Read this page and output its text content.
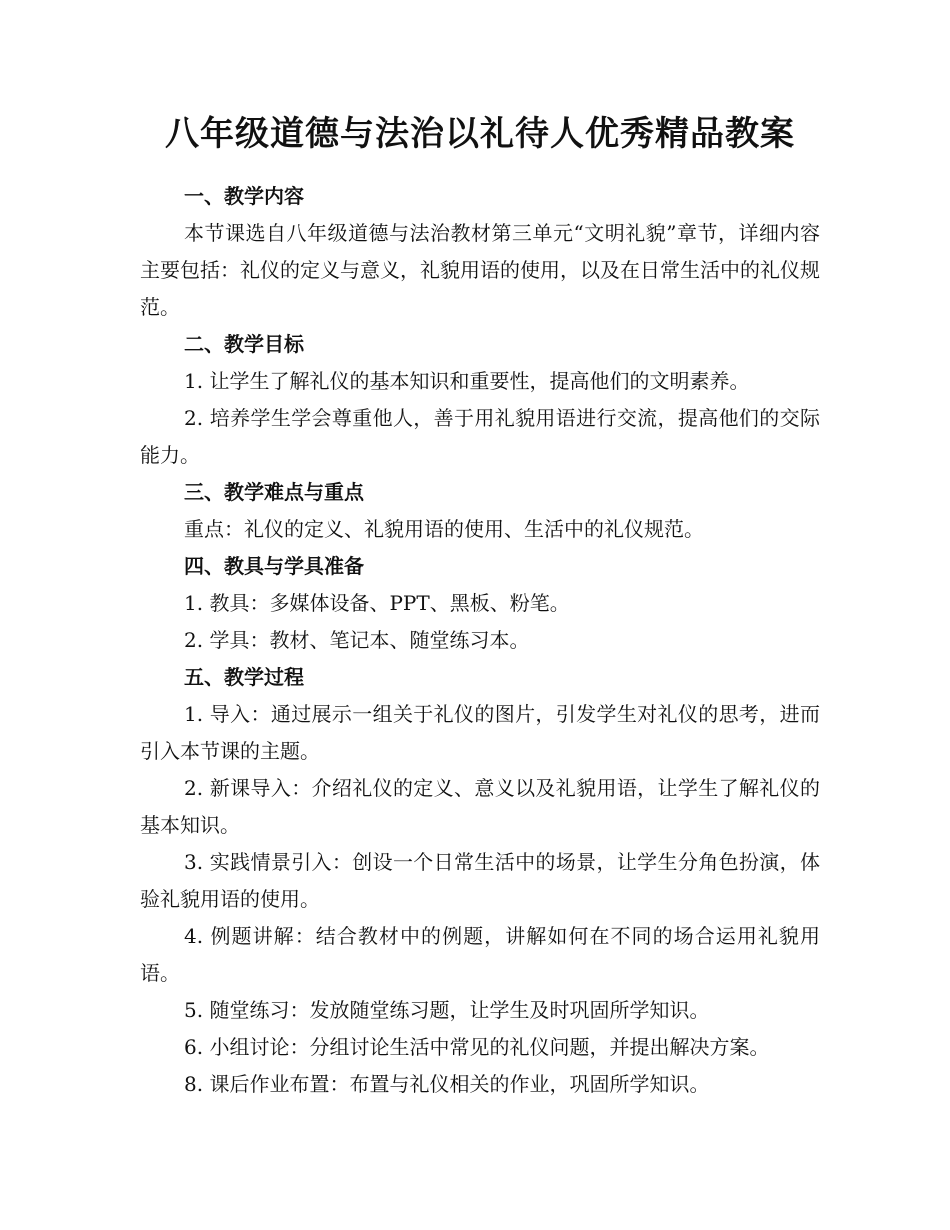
八年级道德与法治以礼待人优秀精品教案

一、教学内容

本节课选自八年级道德与法治教材第三单元“文明礼貌”章节，详细内容主要包括：礼仪的定义与意义，礼貌用语的使用，以及在日常生活中的礼仪规范。

二、教学目标

1. 让学生了解礼仪的基本知识和重要性，提高他们的文明素养。

2. 培养学生学会尊重他人，善于用礼貌用语进行交流，提高他们的交际能力。

三、教学难点与重点

重点：礼仪的定义、礼貌用语的使用、生活中的礼仪规范。

四、教具与学具准备

1. 教具：多媒体设备、PPT、黑板、粉笔。

2. 学具：教材、笔记本、随堂练习本。

五、教学过程

1. 导入：通过展示一组关于礼仪的图片，引发学生对礼仪的思考，进而引入本节课的主题。

2. 新课导入：介绍礼仪的定义、意义以及礼貌用语，让学生了解礼仪的基本知识。

3. 实践情景引入：创设一个日常生活中的场景，让学生分角色扮演，体验礼貌用语的使用。

4. 例题讲解：结合教材中的例题，讲解如何在不同的场合运用礼貌用语。

5. 随堂练习：发放随堂练习题，让学生及时巩固所学知识。

6. 小组讨论：分组讨论生活中常见的礼仪问题，并提出解决方案。

8. 课后作业布置：布置与礼仪相关的作业，巩固所学知识。
